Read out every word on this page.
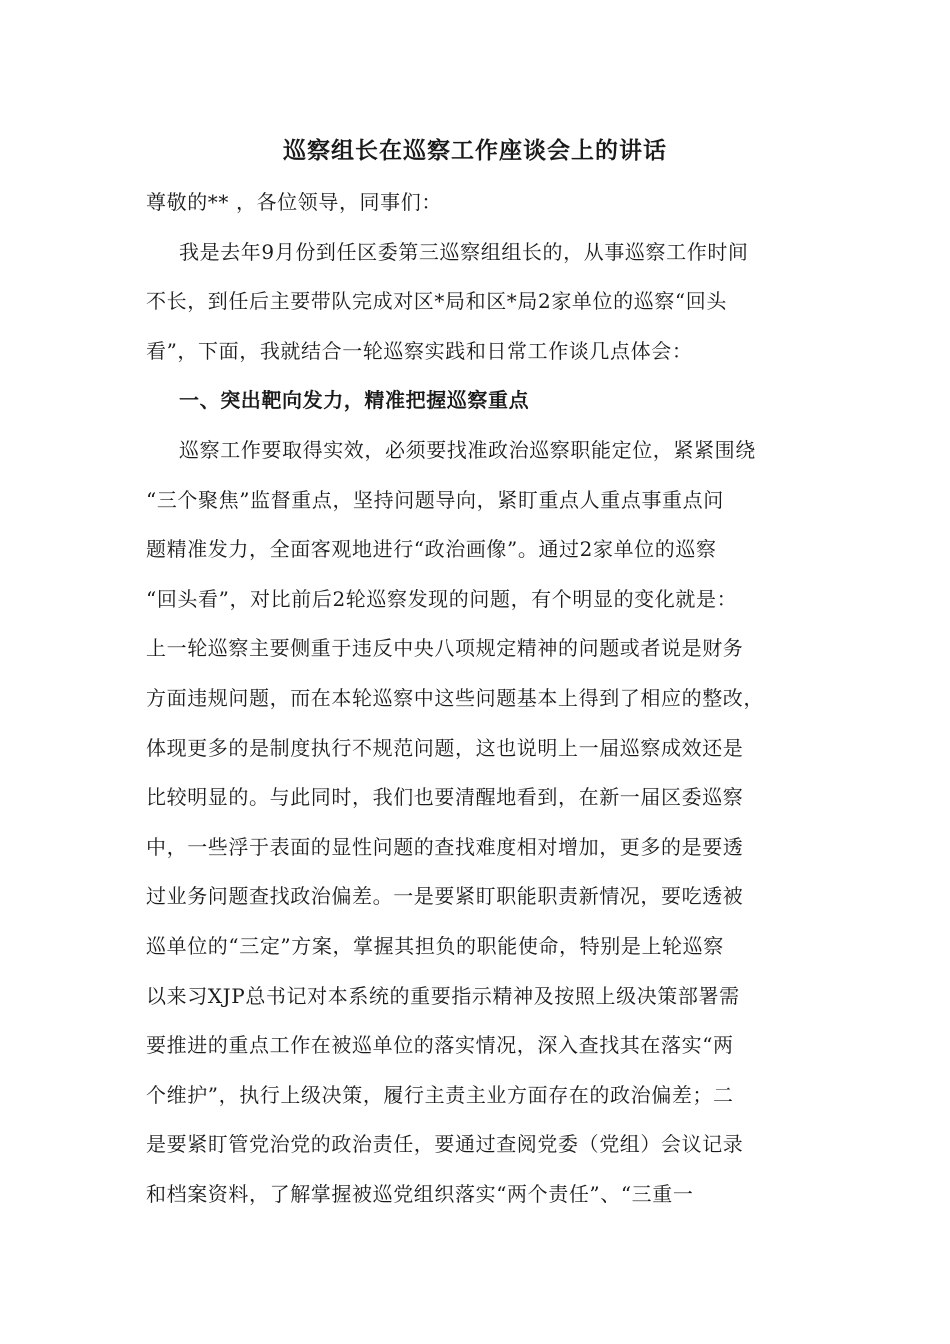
巡察组长在巡察工作座谈会上的讲话
尊敬的** ，各位领导，同事们：
我是去年9月份到任区委第三巡察组组长的，从事巡察工作时间
不长，到任后主要带队完成对区*局和区*局2家单位的巡察“回头
看”，下面，我就结合一轮巡察实践和日常工作谈几点体会：
一、突出靶向发力，精准把握巡察重点
巡察工作要取得实效，必须要找准政治巡察职能定位，紧紧围绕
“三个聚焦”监督重点，坚持问题导向，紧盯重点人重点事重点问
题精准发力，全面客观地进行“政治画像”。通过2家单位的巡察
“回头看”，对比前后2轮巡察发现的问题，有个明显的变化就是：
上一轮巡察主要侧重于违反中央八项规定精神的问题或者说是财务
方面违规问题，而在本轮巡察中这些问题基本上得到了相应的整改，
体现更多的是制度执行不规范问题，这也说明上一届巡察成效还是
比较明显的。与此同时，我们也要清醒地看到，在新一届区委巡察
中，一些浮于表面的显性问题的查找难度相对增加，更多的是要透
过业务问题查找政治偏差。一是要紧盯职能职责新情况，要吃透被
巡单位的“三定”方案，掌握其担负的职能使命，特别是上轮巡察
以来习XJP总书记对本系统的重要指示精神及按照上级决策部署需
要推进的重点工作在被巡单位的落实情况，深入查找其在落实“两
个维护”，执行上级决策，履行主责主业方面存在的政治偏差；二
是要紧盯管党治党的政治责任，要通过查阅党委（党组）会议记录
和档案资料，了解掌握被巡党组织落实“两个责任”、“三重一
